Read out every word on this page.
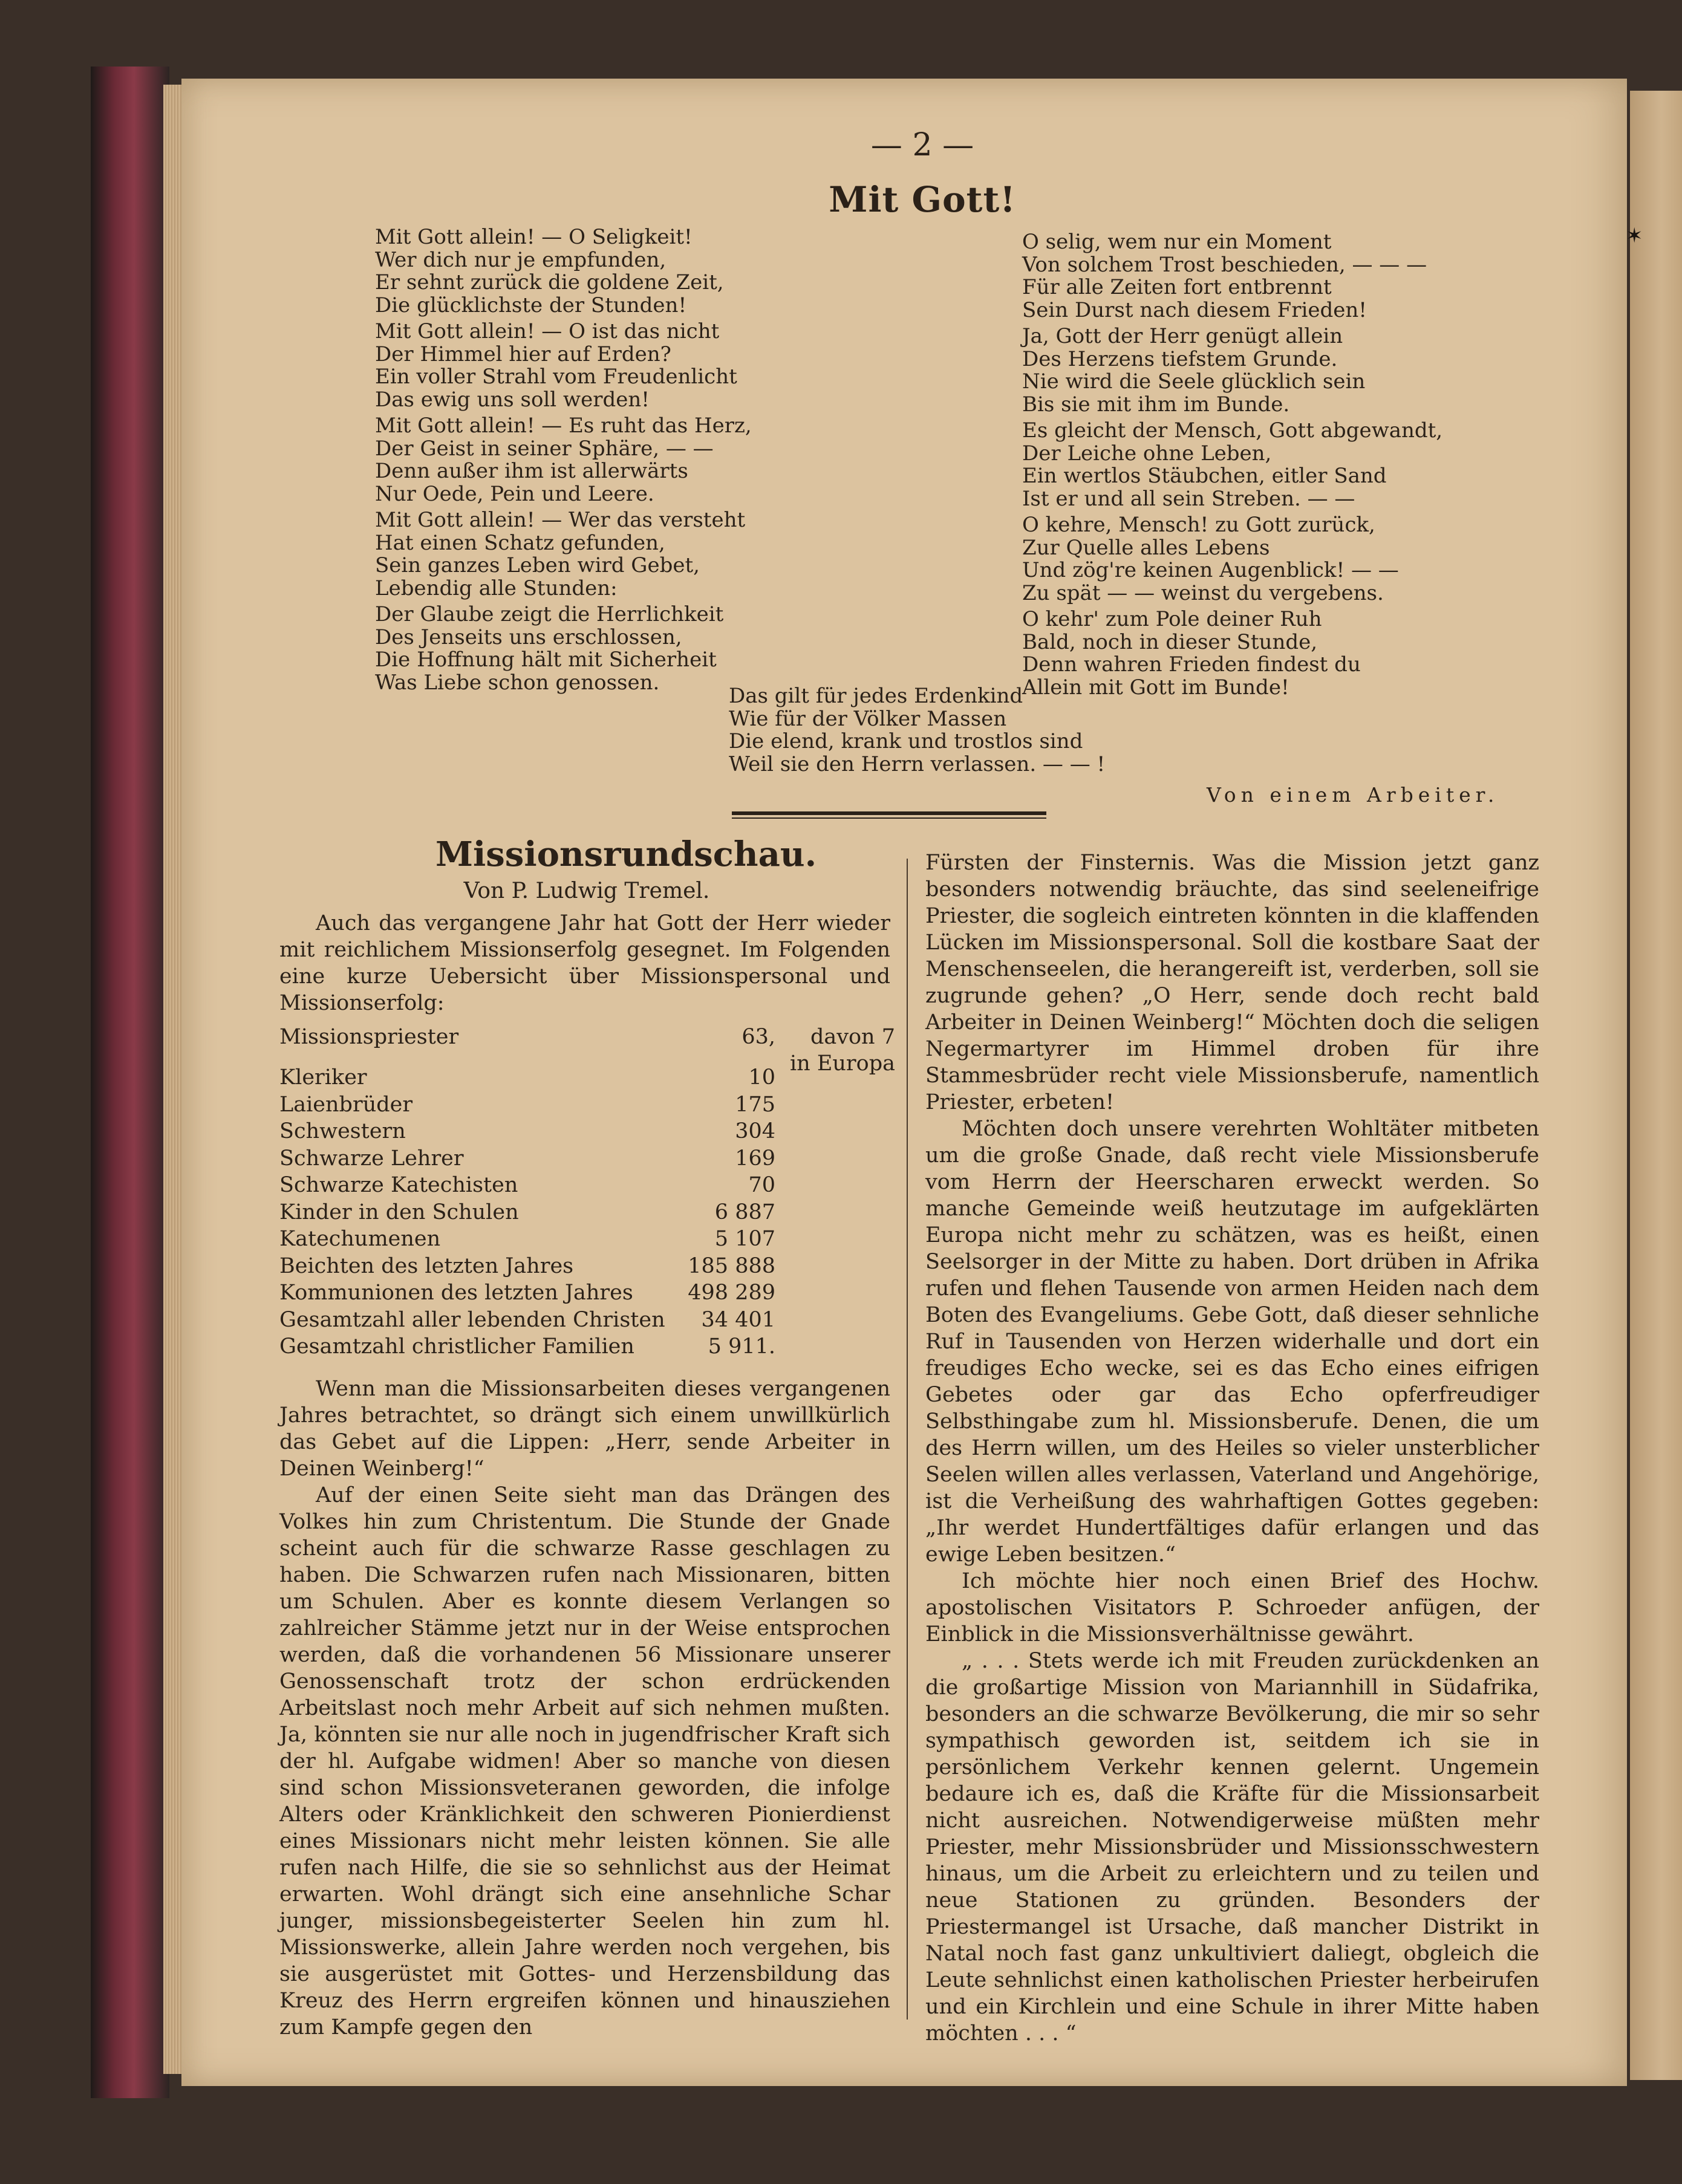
— 2 —
Mit Gott!
Mit Gott allein! — O Seligkeit!
Wer dich nur je empfunden,
Er sehnt zurück die goldene Zeit,
Die glücklichste der Stunden!
Mit Gott allein! — O ist das nicht
Der Himmel hier auf Erden?
Ein voller Strahl vom Freudenlicht
Das ewig uns soll werden!
Mit Gott allein! — Es ruht das Herz,
Der Geist in seiner Sphäre, — —
Denn außer ihm ist allerwärts
Nur Oede, Pein und Leere.
Mit Gott allein! — Wer das versteht
Hat einen Schatz gefunden,
Sein ganzes Leben wird Gebet,
Lebendig alle Stunden:
Der Glaube zeigt die Herrlichkeit
Des Jenseits uns erschlossen,
Die Hoffnung hält mit Sicherheit
Was Liebe schon genossen.
O selig, wem nur ein Moment
Von solchem Trost beschieden, — — —
Für alle Zeiten fort entbrennt
Sein Durst nach diesem Frieden!
Ja, Gott der Herr genügt allein
Des Herzens tiefstem Grunde.
Nie wird die Seele glücklich sein
Bis sie mit ihm im Bunde.
Es gleicht der Mensch, Gott abgewandt,
Der Leiche ohne Leben,
Ein wertlos Stäubchen, eitler Sand
Ist er und all sein Streben. — —
O kehre, Mensch! zu Gott zurück,
Zur Quelle alles Lebens
Und zög're keinen Augenblick! — —
Zu spät — — weinst du vergebens.
O kehr' zum Pole deiner Ruh
Bald, noch in dieser Stunde,
Denn wahren Frieden findest du
Allein mit Gott im Bunde!
Das gilt für jedes Erdenkind
Wie für der Völker Massen
Die elend, krank und trostlos sind
Weil sie den Herrn verlassen. — — !
Von einem Arbeiter.
✶
Missionsrundschau.
Von P. Ludwig Tremel.

Auch das vergangene Jahr hat Gott der Herr wieder mit reichlichem Missionserfolg gesegnet. Im Folgenden eine kurze Uebersicht über Missionspersonal und Missionserfolg:

Missionspriester	63,	davon 7 in Europa
Kleriker	10
Laienbrüder	175
Schwestern	304
Schwarze Lehrer	169
Schwarze Katechisten	70
Kinder in den Schulen	6 887
Katechumenen	5 107
Beichten des letzten Jahres	185 888
Kommunionen des letzten Jahres	498 289
Gesamtzahl aller lebenden Christen 34 401
Gesamtzahl christlicher Familien	5 911.

Wenn man die Missionsarbeiten dieses vergangenen Jahres betrachtet, so drängt sich einem unwillkürlich das Gebet auf die Lippen: „Herr, sende Arbeiter in Deinen Weinberg!“

Auf der einen Seite sieht man das Drängen des Volkes hin zum Christentum. Die Stunde der Gnade scheint auch für die schwarze Rasse geschlagen zu haben. Die Schwarzen rufen nach Missionaren, bitten um Schulen. Aber es konnte diesem Verlangen so zahlreicher Stämme jetzt nur in der Weise entsprochen werden, daß die vorhandenen 56 Missionare unserer Genossenschaft trotz der schon erdrückenden Arbeitslast noch mehr Arbeit auf sich nehmen mußten. Ja, könnten sie nur alle noch in jugendfrischer Kraft sich der hl. Aufgabe widmen! Aber so manche von diesen sind schon Missionsveteranen geworden, die infolge Alters oder Kränklichkeit den schweren Pionierdienst eines Missionars nicht mehr leisten können. Sie alle rufen nach Hilfe, die sie so sehnlichst aus der Heimat erwarten. Wohl drängt sich eine ansehnliche Schar junger, missionsbegeisterter Seelen hin zum hl. Missionswerke, allein Jahre werden noch vergehen, bis sie ausgerüstet mit Gottes- und Herzensbildung das Kreuz des Herrn ergreifen können und hinausziehen zum Kampfe gegen den

Fürsten der Finsternis. Was die Mission jetzt ganz besonders notwendig bräuchte, das sind seeleneifrige Priester, die sogleich eintreten könnten in die klaffenden Lücken im Missionspersonal. Soll die kostbare Saat der Menschenseelen, die herangereift ist, verderben, soll sie zugrunde gehen? „O Herr, sende doch recht bald Arbeiter in Deinen Weinberg!“ Möchten doch die seligen Negermartyrer im Himmel droben für ihre Stammesbrüder recht viele Missionsberufe, namentlich Priester, erbeten!

Möchten doch unsere verehrten Wohltäter mitbeten um die große Gnade, daß recht viele Missionsberufe vom Herrn der Heerscharen erweckt werden. So manche Gemeinde weiß heutzutage im aufgeklärten Europa nicht mehr zu schätzen, was es heißt, einen Seelsorger in der Mitte zu haben. Dort drüben in Afrika rufen und flehen Tausende von armen Heiden nach dem Boten des Evangeliums. Gebe Gott, daß dieser sehnliche Ruf in Tausenden von Herzen widerhalle und dort ein freudiges Echo wecke, sei es das Echo eines eifrigen Gebetes oder gar das Echo opferfreudiger Selbsthingabe zum hl. Missionsberufe. Denen, die um des Herrn willen, um des Heiles so vieler unsterblicher Seelen willen alles verlassen, Vaterland und Angehörige, ist die Verheißung des wahrhaftigen Gottes gegeben: „Ihr werdet Hundertfältiges dafür erlangen und das ewige Leben besitzen.“

Ich möchte hier noch einen Brief des Hochw. apostolischen Visitators P. Schroeder anfügen, der Einblick in die Missionsverhältnisse gewährt.

„ . . . Stets werde ich mit Freuden zurückdenken an die großartige Mission von Mariannhill in Südafrika, besonders an die schwarze Bevölkerung, die mir so sehr sympathisch geworden ist, seitdem ich sie in persönlichem Verkehr kennen gelernt. Ungemein bedaure ich es, daß die Kräfte für die Missionsarbeit nicht ausreichen. Notwendigerweise müßten mehr Priester, mehr Missionsbrüder und Missionsschwestern hinaus, um die Arbeit zu erleichtern und zu teilen und neue Stationen zu gründen. Besonders der Priestermangel ist Ursache, daß mancher Distrikt in Natal noch fast ganz unkultiviert daliegt, obgleich die Leute sehnlichst einen katholischen Priester herbeirufen und ein Kirchlein und eine Schule in ihrer Mitte haben möchten . . . “
